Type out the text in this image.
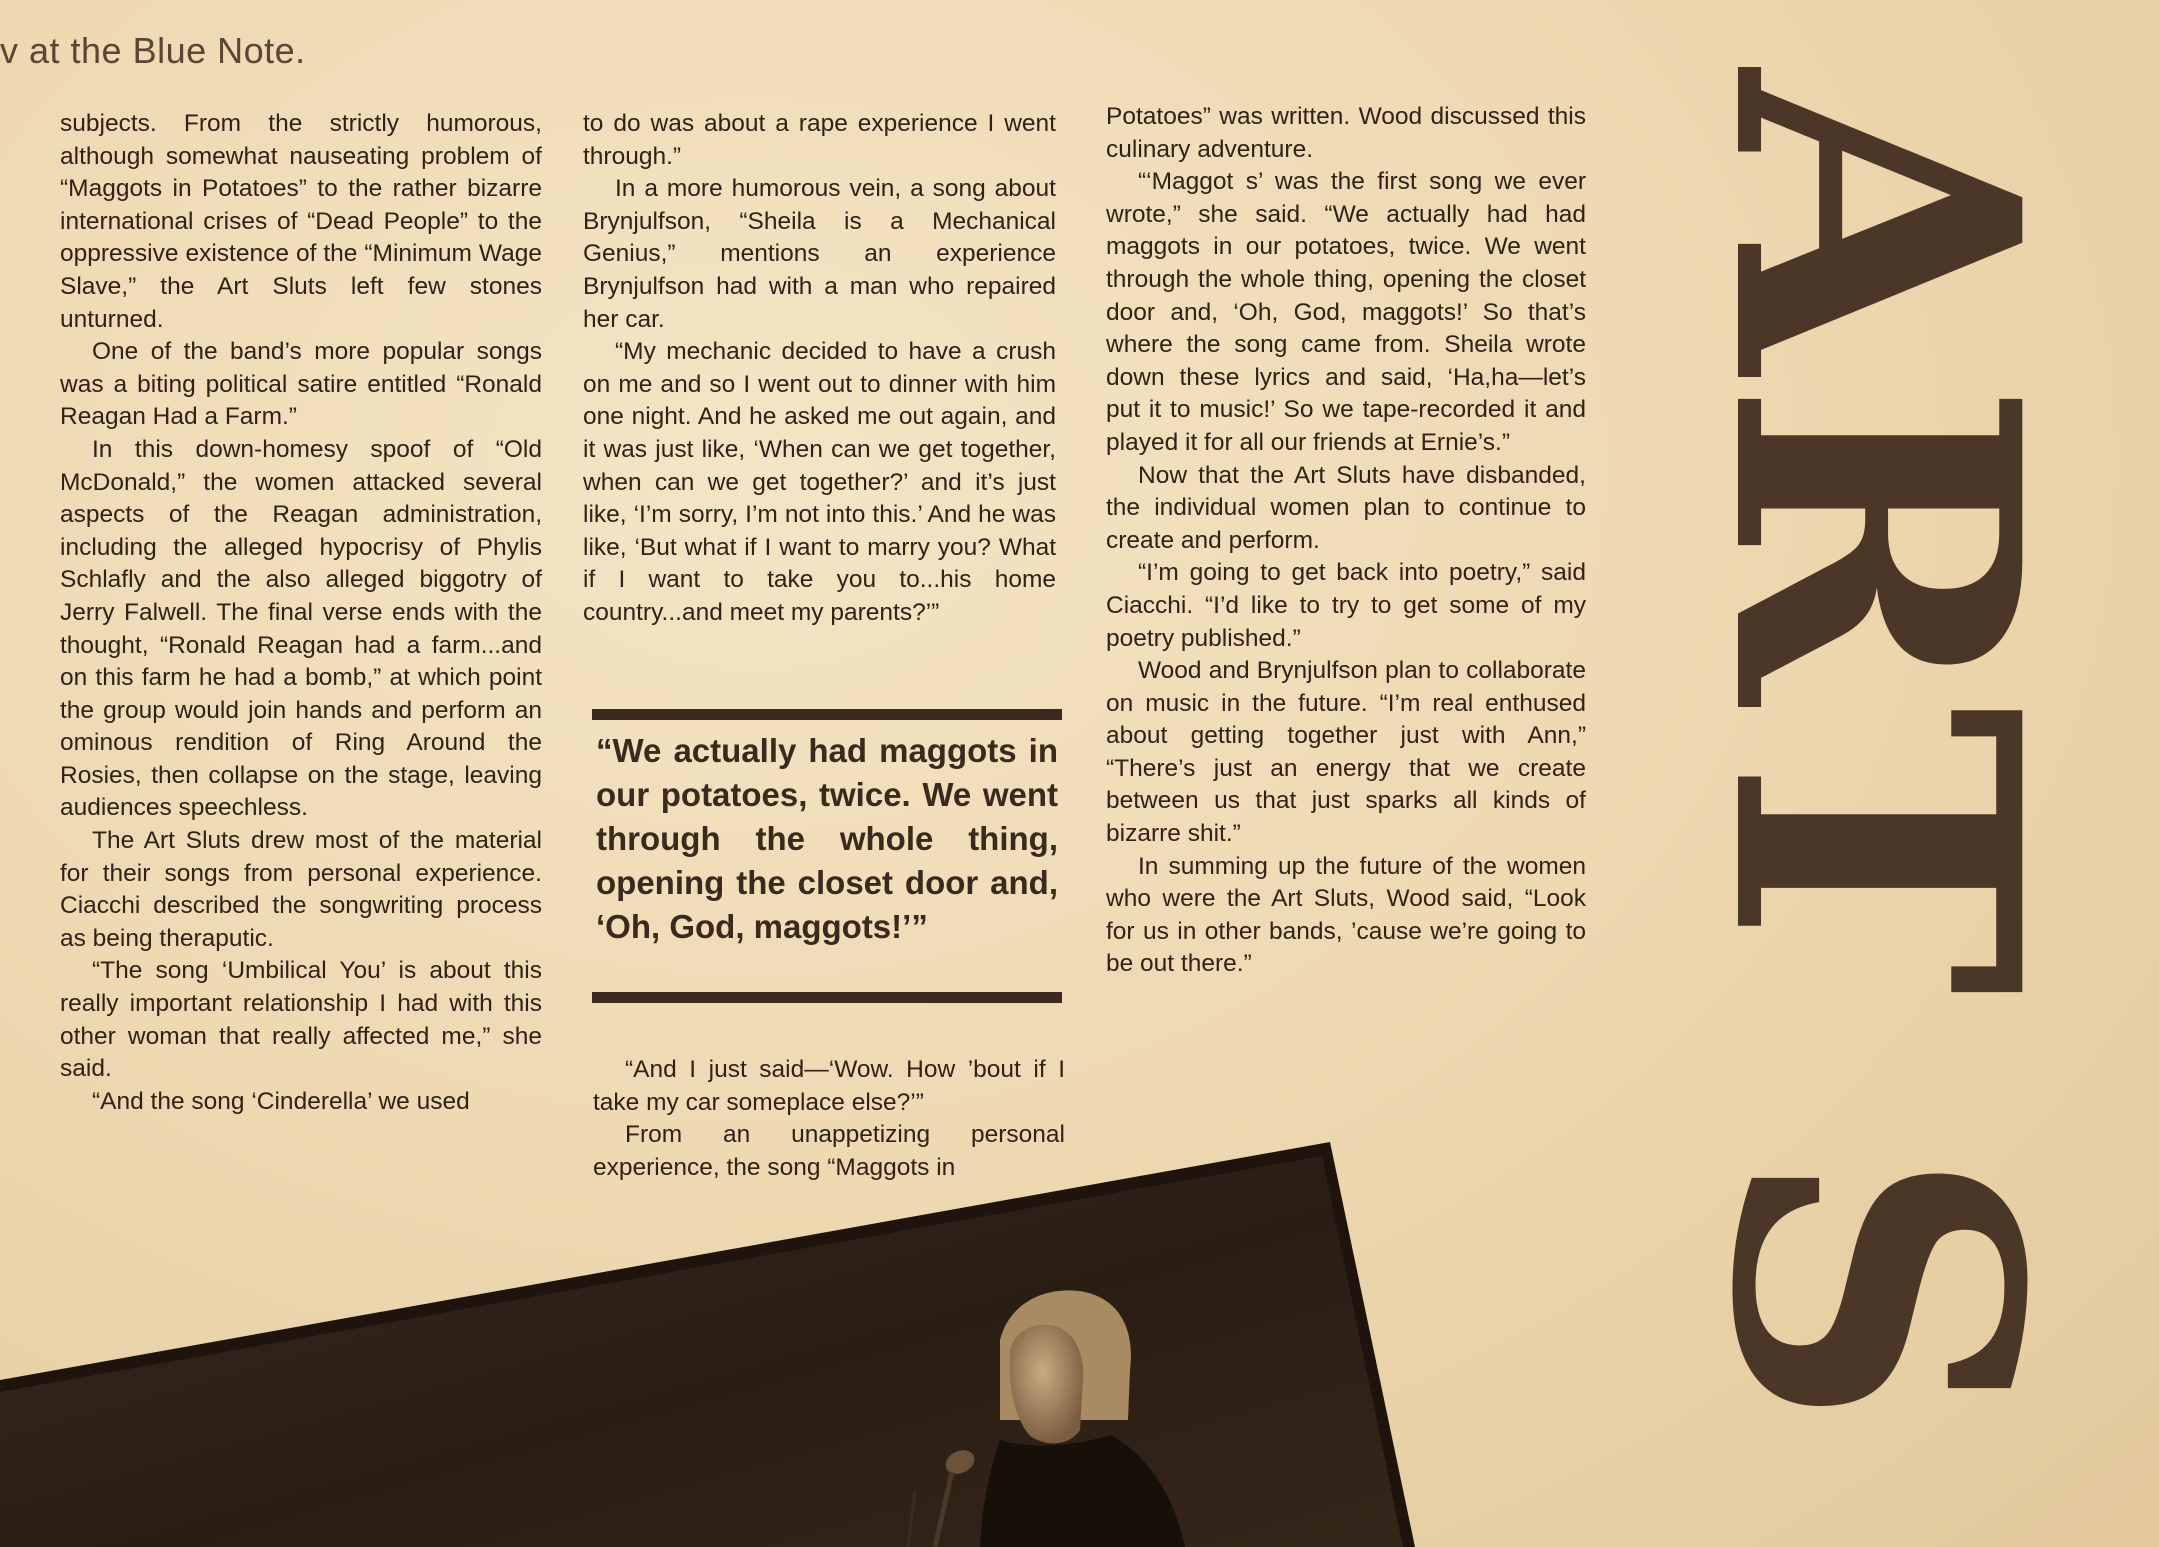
v at the Blue Note.

subjects. From the strictly humorous, although somewhat nauseating problem of “Maggots in Potatoes” to the rather bizarre international crises of “Dead People” to the oppressive existence of the “Minimum Wage Slave,” the Art Sluts left few stones unturned.

One of the band’s more popular songs was a biting political satire entitled “Ronald Reagan Had a Farm.”

In this down-homesy spoof of “Old McDonald,” the women attacked several aspects of the Reagan administration, including the alleged hypocrisy of Phylis Schlafly and the also alleged biggotry of Jerry Falwell. The final verse ends with the thought, “Ronald Reagan had a farm...and on this farm he had a bomb,” at which point the group would join hands and perform an ominous rendition of Ring Around the Rosies, then collapse on the stage, leaving audiences speechless.

The Art Sluts drew most of the material for their songs from personal experience. Ciacchi described the songwriting process as being theraputic.

“The song ‘Umbilical You’ is about this really important relationship I had with this other woman that really affected me,” she said.

“And the song ‘Cinderella’ we used

to do was about a rape experience I went through.”

In a more humorous vein, a song about Brynjulfson, “Sheila is a Mechanical Genius,” mentions an experience Brynjulfson had with a man who repaired her car.

“My mechanic decided to have a crush on me and so I went out to dinner with him one night. And he asked me out again, and it was just like, ‘When can we get together, when can we get together?’ and it’s just like, ‘I’m sorry, I’m not into this.’ And he was like, ‘But what if I want to marry you? What if I want to take you to...his home country...and meet my parents?’”

“We actually had maggots in our potatoes, twice. We went through the whole thing, opening the closet door and, ‘Oh, God, maggots!’”

“And I just said—‘Wow. How ’bout if I take my car someplace else?’”

From an unappetizing personal experience, the song “Maggots in

Potatoes” was written. Wood discussed this culinary adventure.

“‘Maggot s’ was the first song we ever wrote,” she said. “We actually had had maggots in our potatoes, twice. We went through the whole thing, opening the closet door and, ‘Oh, God, maggots!’ So that’s where the song came from. Sheila wrote down these lyrics and said, ‘Ha,ha—let’s put it to music!’ So we tape-recorded it and played it for all our friends at Ernie’s.”

Now that the Art Sluts have disbanded, the individual women plan to continue to create and perform.

“I’m going to get back into poetry,” said Ciacchi. “I’d like to try to get some of my poetry published.”

Wood and Brynjulfson plan to collaborate on music in the future. “I’m real enthused about getting together just with Ann,” “There’s just an energy that we create between us that just sparks all kinds of bizarre shit.”

In summing up the future of the women who were the Art Sluts, Wood said, “Look for us in other bands, ’cause we’re going to be out there.”	ART S
